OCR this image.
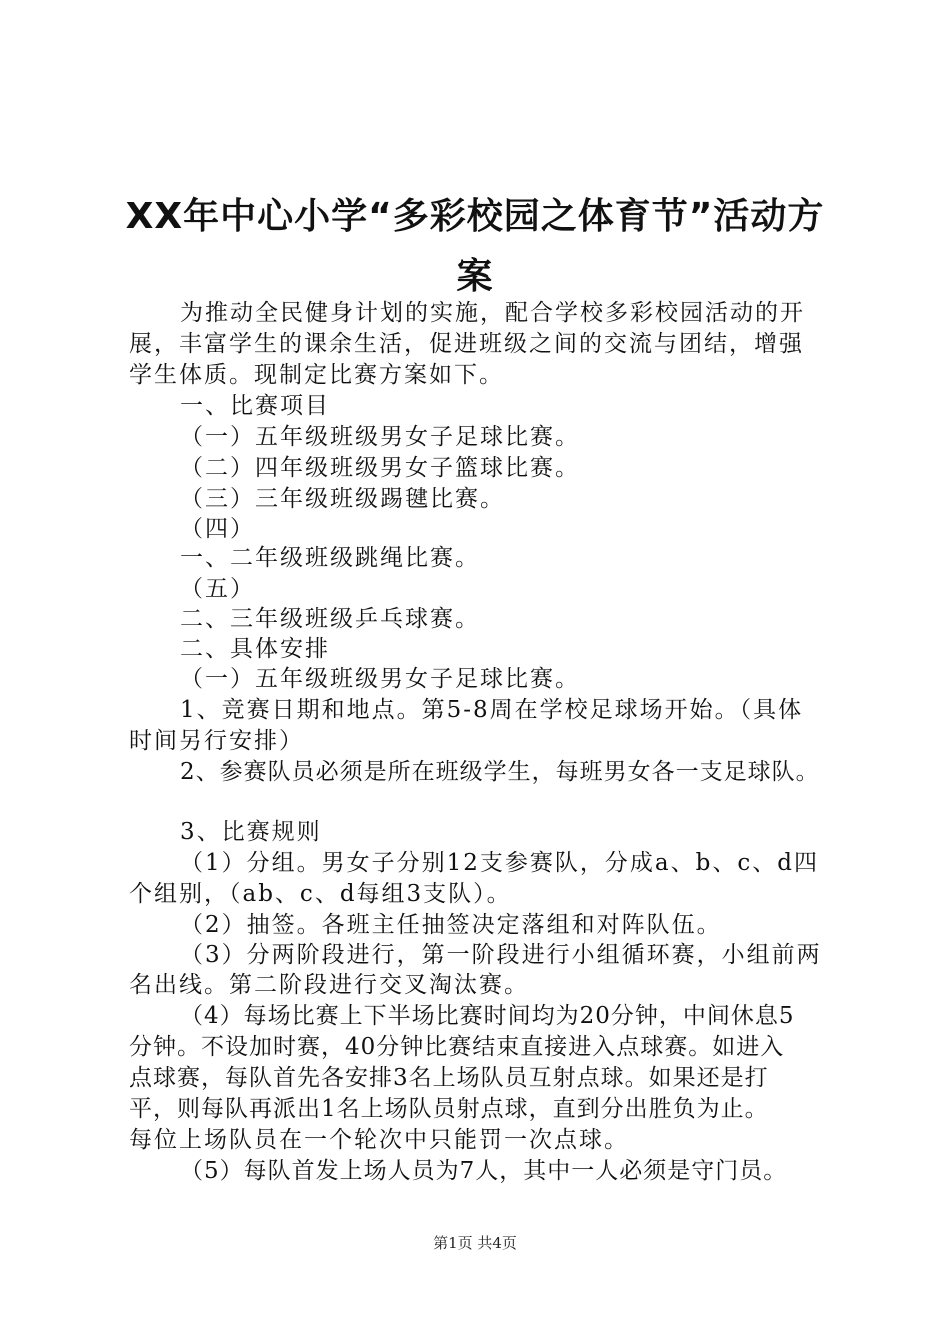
XX年中心小学“多彩校园之体育节”活动方
案
为推动全民健身计划的实施，配合学校多彩校园活动的开
展，丰富学生的课余生活，促进班级之间的交流与团结，增强
学生体质。现制定比赛方案如下。
一、比赛项目
（一）五年级班级男女子足球比赛。
（二）四年级班级男女子篮球比赛。
（三）三年级班级踢毽比赛。
（四）
一、二年级班级跳绳比赛。
（五）
二、三年级班级乒乓球赛。
二、具体安排
（一）五年级班级男女子足球比赛。
1、竞赛日期和地点。第5-8周在学校足球场开始。（具体
时间另行安排）
2、参赛队员必须是所在班级学生，每班男女各一支足球队。
3、比赛规则
（1）分组。男女子分别12支参赛队，分成a、b、c、d四
个组别，（ab、c、d每组3支队）。
（2）抽签。各班主任抽签决定落组和对阵队伍。
（3）分两阶段进行，第一阶段进行小组循环赛，小组前两
名出线。第二阶段进行交叉淘汰赛。
（4）每场比赛上下半场比赛时间均为20分钟，中间休息5
分钟。不设加时赛，40分钟比赛结束直接进入点球赛。如进入
点球赛，每队首先各安排3名上场队员互射点球。如果还是打
平，则每队再派出1名上场队员射点球，直到分出胜负为止。
每位上场队员在一个轮次中只能罚一次点球。
（5）每队首发上场人员为7人，其中一人必须是守门员。
第1页 共4页
